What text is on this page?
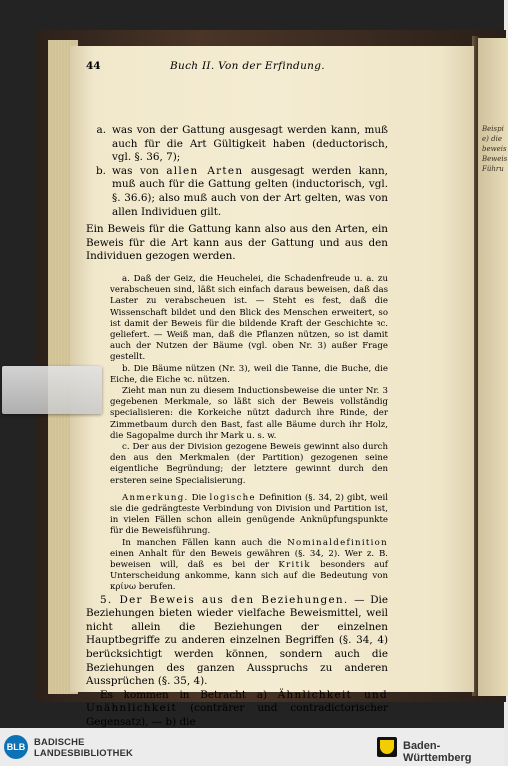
Beispi
e) die
beweis
Beweis
Führu
44	Buch II. Von der Erfindung.
a. was von der Gattung ausgesagt werden kann, muß auch für die Art Gültigkeit haben (deductorisch, vgl. §. 36, 7);
b. was von allen Arten ausgesagt werden kann, muß auch für die Gattung gelten (inductorisch, vgl. §. 36.6); also muß auch von der Art gelten, was von allen Individuen gilt.

Ein Beweis für die Gattung kann also aus den Arten, ein Beweis für die Art kann aus der Gattung und aus den Individuen gezogen werden.

a. Daß der Geiz, die Heuchelei, die Schadenfreude u. a. zu verabscheuen sind, läßt sich einfach daraus beweisen, daß das Laster zu verabscheuen ist. — Steht es fest, daß die Wissenschaft bildet und den Blick des Menschen erweitert, so ist damit der Beweis für die bildende Kraft der Geschichte ꝛc. geliefert. — Weiß man, daß die Pflanzen nützen, so ist damit auch der Nutzen der Bäume (vgl. oben Nr. 3) außer Frage gestellt.

b. Die Bäume nützen (Nr. 3), weil die Tanne, die Buche, die Eiche, die Eiche ꝛc. nützen.

Zieht man nun zu diesem Inductionsbeweise die unter Nr. 3 gegebenen Merkmale, so läßt sich der Beweis vollständig specialisieren: die Korkeiche nützt dadurch ihre Rinde, der Zimmetbaum durch den Bast, fast alle Bäume durch ihr Holz, die Sagopalme durch ihr Mark u. s. w.

c. Der aus der Division gezogene Beweis gewinnt also durch den aus den Merkmalen (der Partition) gezogenen seine eigentliche Begründung; der letztere gewinnt durch den ersteren seine Specialisierung.

Anmerkung. Die logische Definition (§. 34, 2) gibt, weil sie die gedrängteste Verbindung von Division und Partition ist, in vielen Fällen schon allein genügende Anknüpfungspunkte für die Beweisführung.

In manchen Fällen kann auch die Nominaldefinition einen Anhalt für den Beweis gewähren (§. 34, 2). Wer z. B. beweisen will, daß es bei der Kritik besonders auf Unterscheidung ankomme, kann sich auf die Bedeutung von κρίνω berufen.

5. Der Beweis aus den Beziehungen. — Die Beziehungen bieten wieder vielfache Beweismittel, weil nicht allein die Beziehungen der einzelnen Hauptbegriffe zu anderen einzelnen Begriffen (§. 34, 4) berücksichtigt werden können, sondern auch die Beziehungen des ganzen Ausspruchs zu anderen Aussprüchen (§. 35, 4).

Es kommen in Betracht a) Ähnlichkeit und Unähnlichkeit (conträrer und contradictorischer Gegensatz), — b) die

BLB BADISCHE
LANDESBIBLIOTHEK
Baden-Württemberg
